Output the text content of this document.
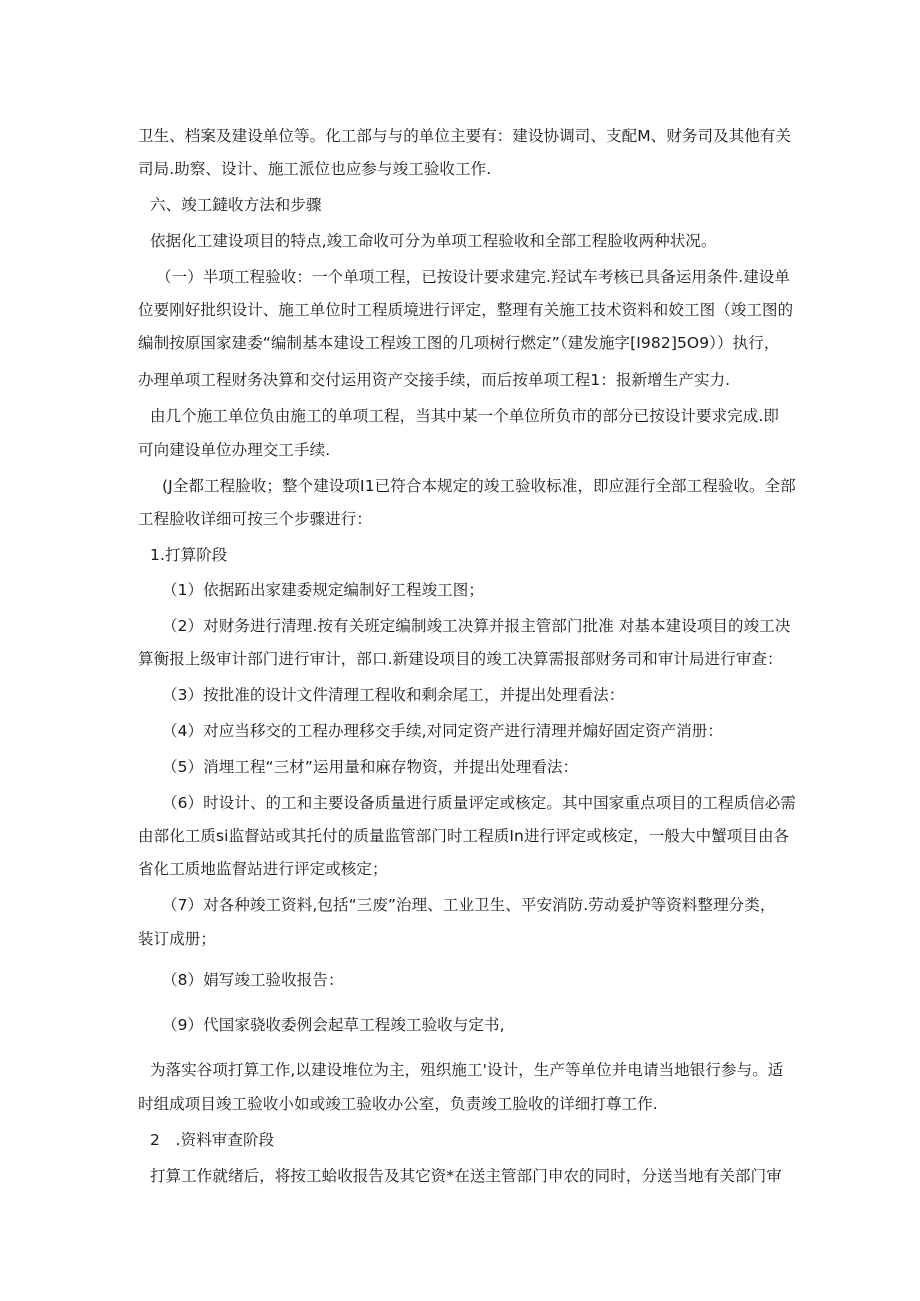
卫生、档案及建设单位等。化工部与与的单位主要有：建设协调司、支配M、财务司及其他有关
司局.助察、设计、施工派位也应参与竣工验收工作.
六、竣工鐽收方法和步骤
依据化工建设项目的特点,竣工命收可分为单项工程验收和全部工程脸收两种状况。
（一）半项工程验收：一个单项工程，已按设计要求建完.羟试车考核已具备运用条件.建设单
位要刚好批织设计、施工单位时工程质境进行评定，整理有关施工技术资料和姣工图（竣工图的
编制按原国家建委“编制基本建设工程竣工图的几项树行燃定”（建发施字[I982]5O9））执行，
办理单项工程财务决算和交付运用资产交接手续，而后按单项工程1：报新增生产实力.
由几个施工单位负由施工的单项工程，当其中某一个单位所负市的部分已按设计要求完成.即
可向建设单位办理交工手续.
(J全都工程脸收；整个建设项I1已符合本规定的竣工验收标准，即应涯行全部工程验收。全部
工程脸收详细可按三个步骤进行：
1.打算阶段
（1）依据跖出家建委规定编制好工程竣工图；
（2）对财务进行清理.按有关班定编制竣工决算并报主管部门批准 对基本建设项目的竣工决
算衡报上级审计部门进行审计，部口.新建设项目的竣工决算需报部财务司和审计局进行审查：
（3）按批准的设计文件清理工程收和剩余尾工，并提出处理看法：
（4）对应当移交的工程办理移交手续,对同定资产进行清理并煽好固定资产消册：
（5）消埋工程“三材”运用量和麻存物资，并提出处理看法：
（6）时设计、的工和主要设备质量进行质量评定或核定。其中国家重点项目的工程质信必需
由部化工质si监督站或其托付的质量监管部门时工程质In进行评定或核定，一般大中蟹项目由各
省化工质地监督站进行评定或核定；
（7）对各种竣工资料,包括“三废”治理、工业卫生、平安消防.劳动爰护等资料整理分类，
装订成册；
（8）娟写竣工验收报告：
（9）代国家骁收委例会起草工程竣工验收与定书,
为落实谷项打算工作,以建设堆位为主，殂织施工'设计，生产等单位并电请当地银行参与。适
时组成项目竣工验收小如或竣工验收办公室，负责竣工脸收的详细打尊工作.
2　.资料审查阶段
打算工作就绪后，将按工蛤收报告及其它资*在送主管部门申农的同时，分送当地有关部门审
